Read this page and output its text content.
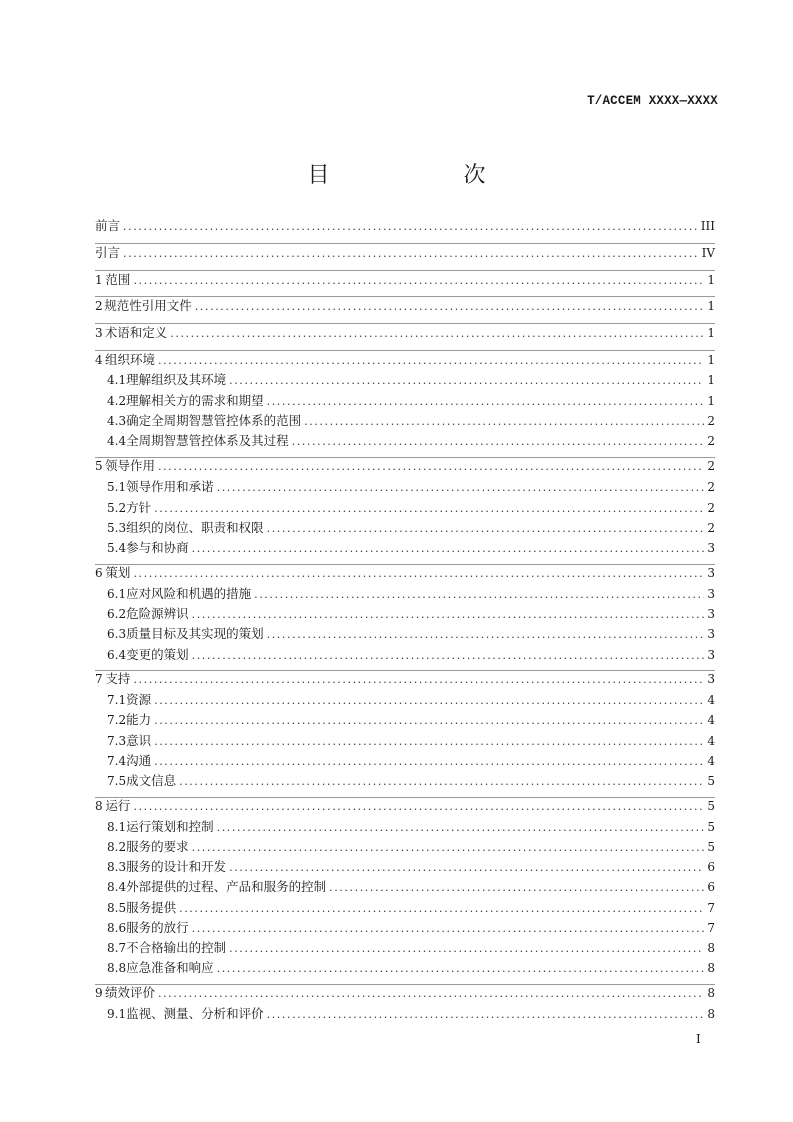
T/ACCEM XXXX—XXXX
目　　次
前言 .....	III
引言 .....	IV
1 范围 .....	1
2 规范性引用文件 .....	1
3 术语和定义 .....	1
4 组织环境 .....	1
4.1 理解组织及其环境 .....	1
4.2 理解相关方的需求和期望 .....	1
4.3 确定全周期智慧管控体系的范围 .....	2
4.4 全周期智慧管控体系及其过程 .....	2
5 领导作用 .....	2
5.1 领导作用和承诺 .....	2
5.2 方针 .....	2
5.3 组织的岗位、职责和权限 .....	2
5.4 参与和协商 .....	3
6 策划 .....	3
6.1 应对风险和机遇的措施 .....	3
6.2 危险源辨识 .....	3
6.3 质量目标及其实现的策划 .....	3
6.4 变更的策划 .....	3
7 支持 .....	3
7.1 资源 .....	4
7.2 能力 .....	4
7.3 意识 .....	4
7.4 沟通 .....	4
7.5 成文信息 .....	5
8 运行 .....	5
8.1 运行策划和控制 .....	5
8.2 服务的要求 .....	5
8.3 服务的设计和开发 .....	6
8.4 外部提供的过程、产品和服务的控制 .....	6
8.5 服务提供 .....	7
8.6 服务的放行 .....	7
8.7 不合格输出的控制 .....	8
8.8 应急准备和响应 .....	8
9 绩效评价 .....	8
9.1 监视、测量、分析和评价 .....	8
I
